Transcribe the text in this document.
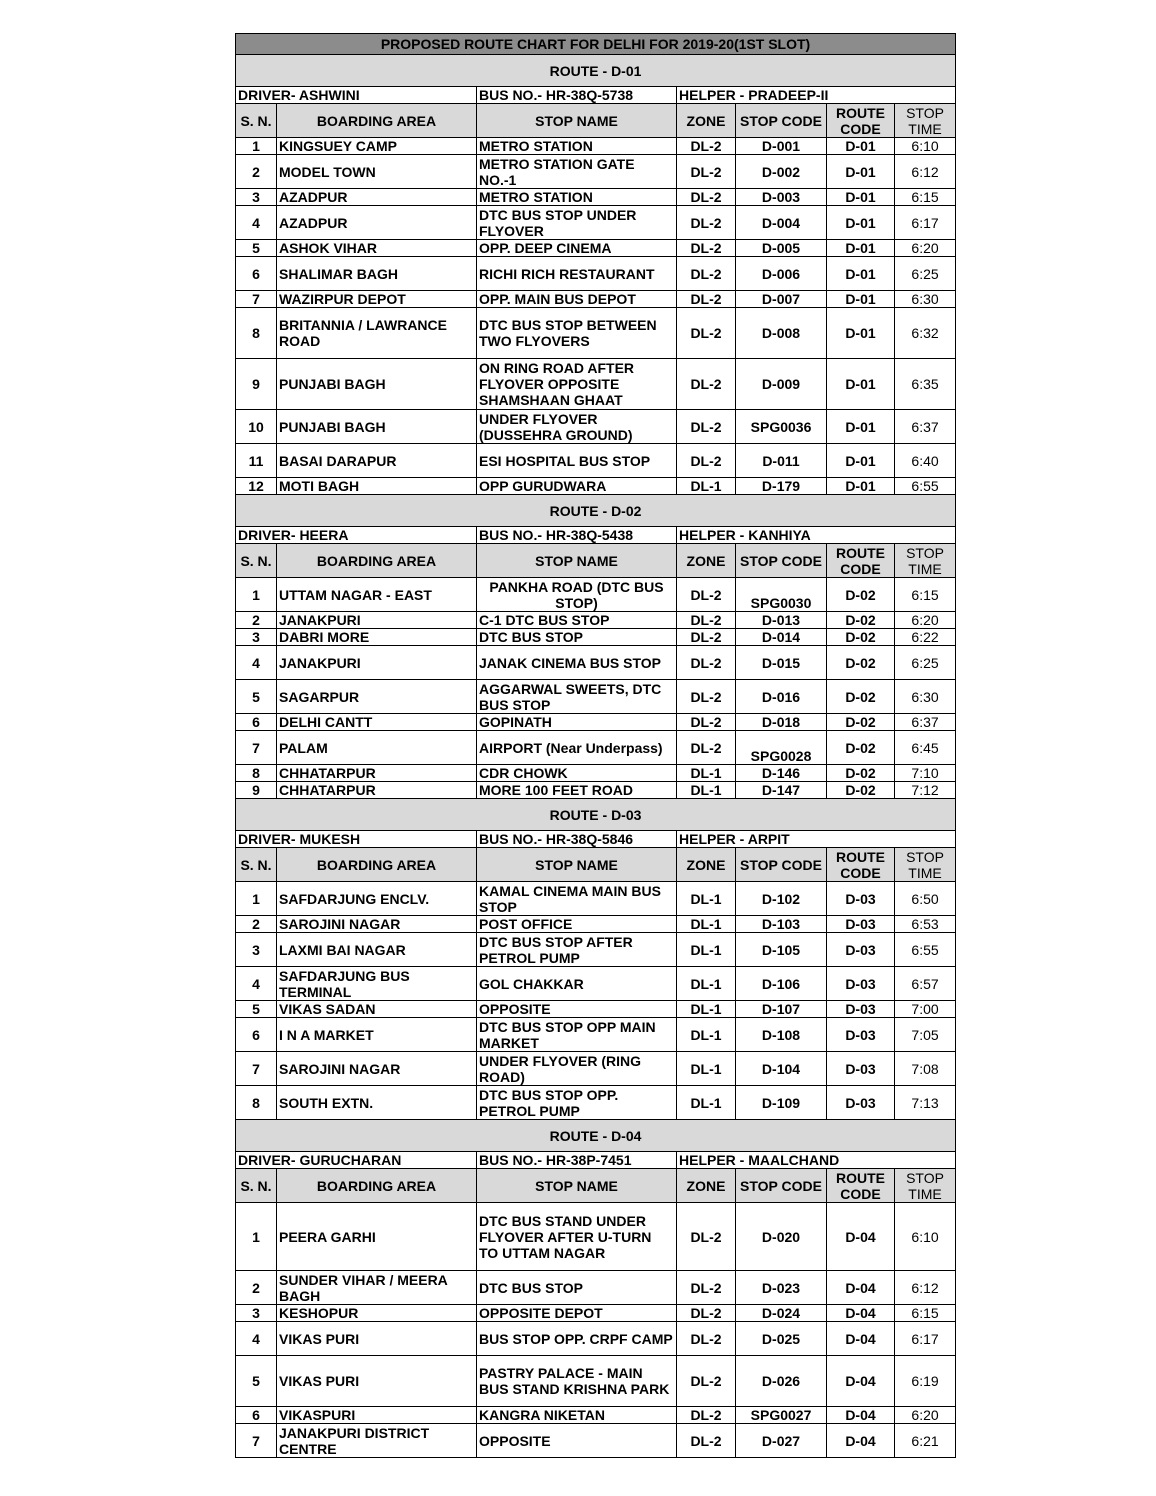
PROPOSED ROUTE CHART FOR DELHI FOR 2019-20(1ST SLOT)						
ROUTE - D-01						
DRIVER- ASHWINI		BUS NO.- HR-38Q-5738	HELPER - PRADEEP-II			
S. N.	BOARDING AREA	STOP NAME	ZONE	STOP CODE	ROUTE CODE	STOP TIME
1	KINGSUEY CAMP	METRO STATION	DL-2	D-001	D-01	6:10
2	MODEL TOWN	METRO STATION GATE NO.-1	DL-2	D-002	D-01	6:12
3	AZADPUR	METRO STATION	DL-2	D-003	D-01	6:15
4	AZADPUR	DTC BUS STOP UNDER FLYOVER	DL-2	D-004	D-01	6:17
5	ASHOK VIHAR	OPP. DEEP CINEMA	DL-2	D-005	D-01	6:20
6	SHALIMAR BAGH	RICHI RICH RESTAURANT	DL-2	D-006	D-01	6:25
7	WAZIRPUR DEPOT	OPP. MAIN BUS DEPOT	DL-2	D-007	D-01	6:30
8	BRITANNIA / LAWRANCE ROAD	DTC BUS STOP BETWEEN TWO FLYOVERS	DL-2	D-008	D-01	6:32
9	PUNJABI BAGH	ON RING ROAD AFTER FLYOVER OPPOSITE SHAMSHAAN GHAAT	DL-2	D-009	D-01	6:35
10	PUNJABI BAGH	UNDER FLYOVER (DUSSEHRA GROUND)	DL-2	SPG0036	D-01	6:37
11	BASAI DARAPUR	ESI HOSPITAL BUS STOP	DL-2	D-011	D-01	6:40
12	MOTI BAGH	OPP GURUDWARA	DL-1	D-179	D-01	6:55
ROUTE - D-02						
DRIVER- HEERA		BUS NO.- HR-38Q-5438	HELPER - KANHIYA			
S. N.	BOARDING AREA	STOP NAME	ZONE	STOP CODE	ROUTE CODE	STOP TIME
1	UTTAM NAGAR - EAST	PANKHA ROAD (DTC BUS STOP)	DL-2	SPG0030	D-02	6:15
2	JANAKPURI	C-1 DTC BUS STOP	DL-2	D-013	D-02	6:20
3	DABRI MORE	DTC BUS STOP	DL-2	D-014	D-02	6:22
4	JANAKPURI	JANAK CINEMA BUS STOP	DL-2	D-015	D-02	6:25
5	SAGARPUR	AGGARWAL SWEETS, DTC BUS STOP	DL-2	D-016	D-02	6:30
6	DELHI CANTT	GOPINATH	DL-2	D-018	D-02	6:37
7	PALAM	AIRPORT (Near Underpass)	DL-2	SPG0028	D-02	6:45
8	CHHATARPUR	CDR CHOWK	DL-1	D-146	D-02	7:10
9	CHHATARPUR	MORE 100 FEET ROAD	DL-1	D-147	D-02	7:12
ROUTE - D-03						
DRIVER- MUKESH		BUS NO.- HR-38Q-5846	HELPER - ARPIT			
S. N.	BOARDING AREA	STOP NAME	ZONE	STOP CODE	ROUTE CODE	STOP TIME
1	SAFDARJUNG ENCLV.	KAMAL CINEMA MAIN BUS STOP	DL-1	D-102	D-03	6:50
2	SAROJINI NAGAR	POST OFFICE	DL-1	D-103	D-03	6:53
3	LAXMI BAI NAGAR	DTC BUS STOP AFTER PETROL PUMP	DL-1	D-105	D-03	6:55
4	SAFDARJUNG BUS TERMINAL	GOL CHAKKAR	DL-1	D-106	D-03	6:57
5	VIKAS SADAN	OPPOSITE	DL-1	D-107	D-03	7:00
6	I N A MARKET	DTC BUS STOP OPP MAIN MARKET	DL-1	D-108	D-03	7:05
7	SAROJINI NAGAR	UNDER FLYOVER (RING ROAD)	DL-1	D-104	D-03	7:08
8	SOUTH EXTN.	DTC BUS STOP OPP. PETROL PUMP	DL-1	D-109	D-03	7:13
ROUTE - D-04						
DRIVER- GURUCHARAN		BUS NO.- HR-38P-7451	HELPER - MAALCHAND			
S. N.	BOARDING AREA	STOP NAME	ZONE	STOP CODE	ROUTE CODE	STOP TIME
1	PEERA GARHI	DTC BUS STAND UNDER FLYOVER AFTER U-TURN TO UTTAM NAGAR	DL-2	D-020	D-04	6:10
2	SUNDER VIHAR / MEERA BAGH	DTC BUS STOP	DL-2	D-023	D-04	6:12
3	KESHOPUR	OPPOSITE DEPOT	DL-2	D-024	D-04	6:15
4	VIKAS PURI	BUS STOP OPP. CRPF CAMP	DL-2	D-025	D-04	6:17
5	VIKAS PURI	PASTRY PALACE - MAIN BUS STAND KRISHNA PARK	DL-2	D-026	D-04	6:19
6	VIKASPURI	KANGRA NIKETAN	DL-2	SPG0027	D-04	6:20
7	JANAKPURI DISTRICT CENTRE	OPPOSITE	DL-2	D-027	D-04	6:21
